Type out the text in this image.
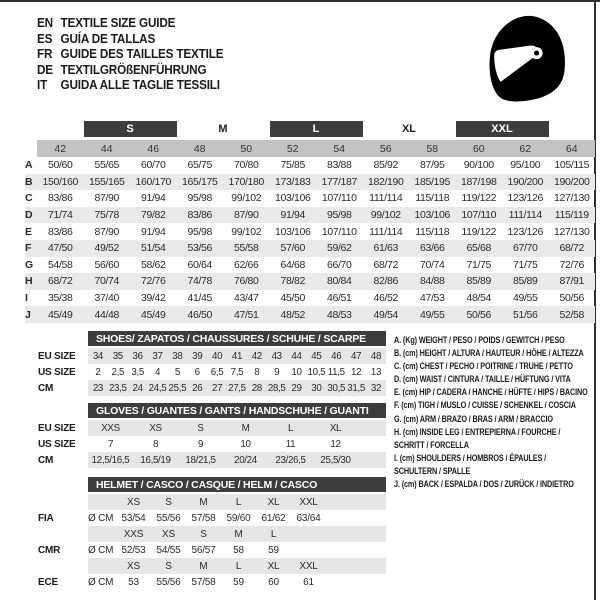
EN TEXTILE SIZE GUIDE
ES GUÍA DE TALLAS
FR GUIDE DES TAILLES TEXTILE
DE TEXTILGRÖßENFÜHRUNG
IT	GUIDA ALLE TAGLIE TESSILI
S	M	L	XL	XXL
42	44	46	48	50	52	54	56	58	60	62	64
A	50/60	55/65	60/70	65/75	70/80	75/85	83/88	85/92	87/95	90/100	95/100	105/115
B 150/160	155/165	160/170	165/175	170/180	173/183	177/187	182/190	185/195	187/198	190/200	190/200
C	83/86	87/90	91/94	95/98	99/102	103/106	107/110	111/114	115/118	119/122	123/126	127/130
D	71/74	75/78	79/82	83/86	87/90	91/94	95/98	99/102	103/106	107/110	111/114	115/119
E	83/86	87/90	91/94	95/98	99/102	103/106	107/110	111/114	115/118	119/122	123/126	127/130
F	47/50	49/52	51/54	53/56	55/58	57/60	59/62	61/63	63/66	65/68	67/70	68/72
G	54/58	56/60	58/62	60/64	62/66	64/68	66/70	68/72	70/74	71/75	71/75	72/76
H	68/72	70/74	72/76	74/78	76/80	78/82	80/84	82/86	84/88	85/89	85/89	87/91
I	35/38	37/40	39/42	41/45	43/47	45/50	46/51	46/52	47/53	48/54	49/55	50/56
J	45/49	44/48	45/49	46/50	47/51	48/52	48/53	49/54	49/55	50/56	51/56	52/58
SHOES/ ZAPATOS / CHAUSSURES / SCHUHE / SCARPE
EU SIZE	34 35 36 37 38 39 40 41 42 43 44 45 46 47 48
US SIZE	2	2,5 3,5	4	5	6	6,5 7,5	8	9	10 10,5 11,5 12 13
CM	23 23,5 24 24,5 25,5 26 27 27,5 28 28,5 29 30 30,5 31,5 32
GLOVES / GUANTES / GANTS / HANDSCHUHE / GUANTI
EU SIZE	XXS	XS	S	M	L	XL
US SIZE	7	8	9	10	11	12
CM	12,5/16,5	16,5/19	18/21,5	20/24	23/26,5	25,5/30
HELMET / CASCO / CASQUE / HELM / CASCO
XS	S	M	L	XL	XXL
FIA	Ø CM 53/54	55/56	57/58	59/60	61/62	63/64
XXS	XS	S	M	L
CMR	Ø CM 52/53	54/55	56/57	58	59
XS	S	M	L	XL	XXL
ECE	Ø CM	53	55/56	57/58	59	60	61
A. (Kg) WEIGHT / PESO / POIDS / GEWITCH / PESO
B. (cm) HEIGHT / ALTURA / HAUTEUR / HÖHE / ALTEZZA
C. (cm) CHEST / PECHO / POITRINE / TRUHE / PETTO
D. (cm) WAIST / CINTURA / TAILLE / HÜFTUNG / VITA
E. (cm) HIP / CADERA / HANCHE / HÜFTE / HIPS / BACINO
F. (cm) TIGH / MUSLO / CUISSE / SCHENKEL / COSCIA
G. (cm) ARM / BRAZO / BRAS / ARM / BRACCIO
H. (cm) INSIDE LEG / ENTREPIERNA / FOURCHE /
SCHRITT / FORCELLA
I. (cm) SHOULDERS / HOMBROS / ÉPAULES /
SCHULTERN / SPALLE
J. (cm) BACK / ESPALDA / DOS / ZURÜCK / INDIETRO
